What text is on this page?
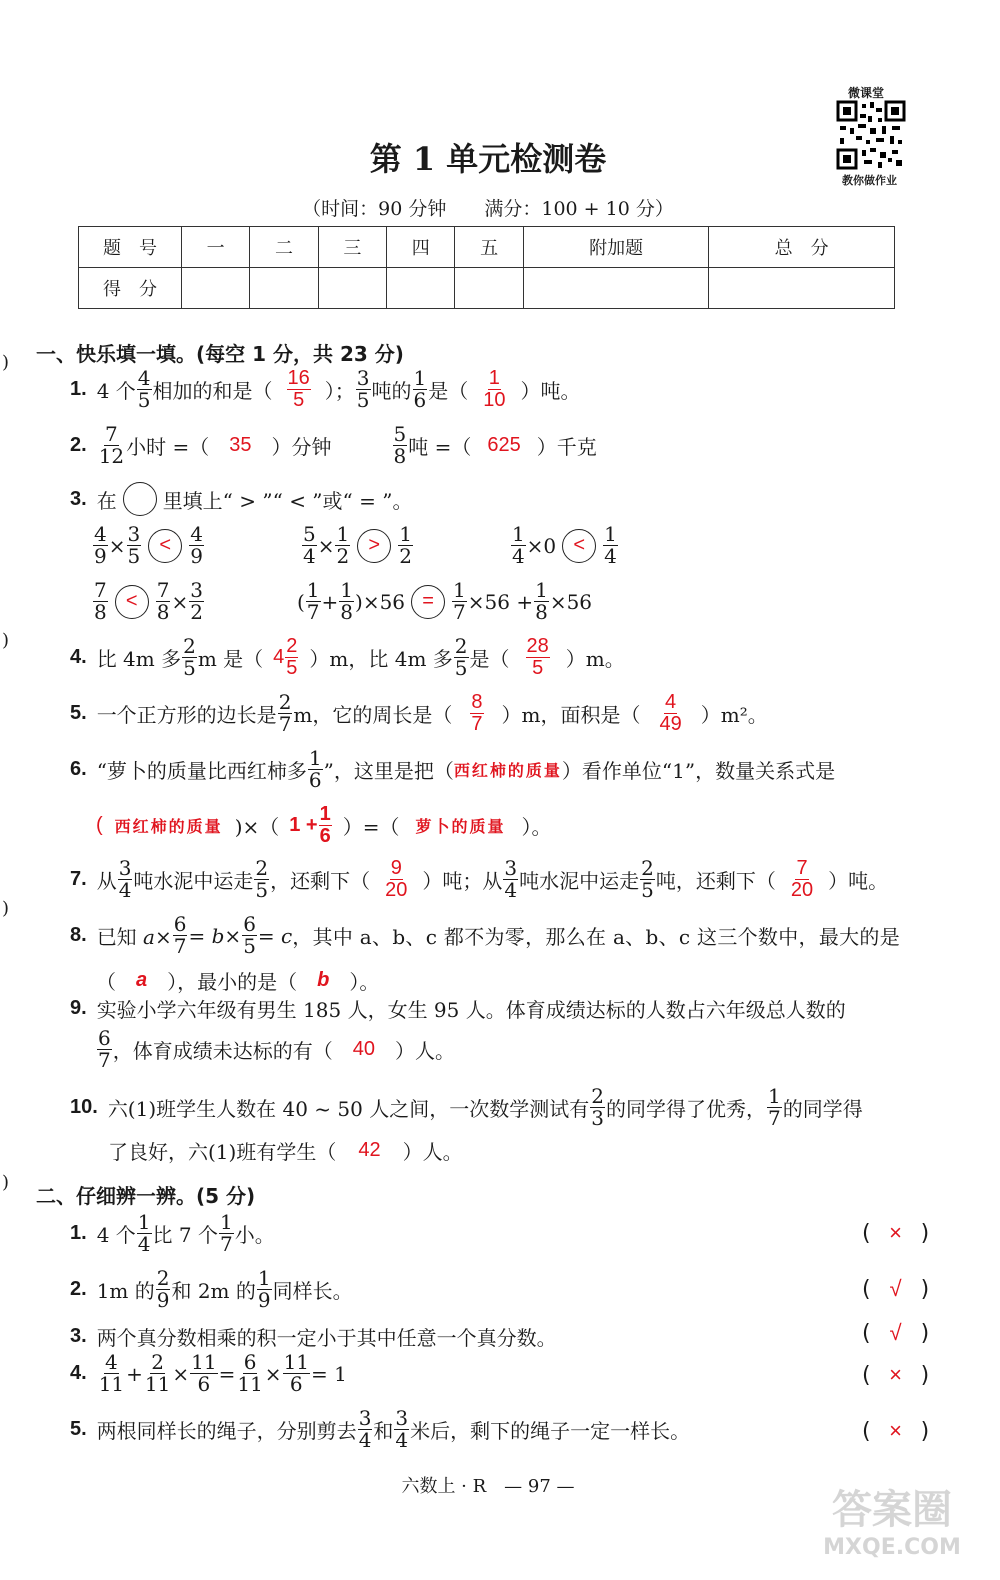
微课堂
教你做作业
第 1 单元检测卷
（时间：90 分钟　　满分：100 + 10 分）
题　号	一	二	三	四	五	附加题	总　分
得　分							
一、快乐填一填。(每空 1 分，共 23 分)
1. 4 个 $\frac{4}{5}$ 相加的和是（ $\frac{16}{5}$ ）； $\frac{3}{5}$ 吨的 $\frac{1}{6}$ 是（ $\frac{1}{10}$ ）吨。
2. $\frac{7}{12}$ 小时 =（ 35 ）分钟	$\frac{5}{8}$ 吨 =（ 625 ）千克
3. 在 里填上“ > ”“ < ”或“ = ”。
$\frac{4}{9} \times \frac{3}{5} < \frac{4}{9}$	$\frac{5}{4} \times \frac{1}{2} > \frac{1}{2}$	$\frac{1}{4} \times 0 < \frac{1}{4}$
$\frac{7}{8} < \frac{7}{8} \times \frac{3}{2}$	( $\frac{1}{7} + \frac{1}{8} )\times 56 = \frac{1}{7} \times 56 + \frac{1}{8} \times 56$
4. 比 4m 多 $\frac{2}{5}$ m 是（ $4 \frac{2}{5} )m$，比 4m 多 $\frac{2}{5}$ 是（ $\frac{28}{5} )m$。
5. 一个正方形的边长是 $\frac{2}{7}$ m，它的周长是（ $\frac{8}{7} )m$，面积是（ $\frac{4}{49} )m^2$。
6. “萝卜的质量比西红柿多 $\frac{1}{6}$ ”，这里是把（ 西红柿的质量 ）看作单位“1”，数量关系式是
( 西红柿的质量 )×（ $1 + \frac{1}{6}$ ）=（ 萝卜的质量 ）。
7. 从 $\frac{3}{4}$ 吨水泥中运走 $\frac{2}{5}$ ，还剩下（ $\frac{9}{20}$ ）吨；从 $\frac{3}{4}$ 吨水泥中运走 $\frac{2}{5}$ 吨，还剩下（ $\frac{7}{20}$ ）吨。
8. 已知 $a\times \frac{6}{7} = b\times \frac{6}{5} = c$ ，其中 a、b、c 都不为零，那么在 a、b、c 这三个数中，最大的是
（ a ），最小的是（ b ）。
9. 实验小学六年级有男生 185 人，女生 95 人。体育成绩达标的人数占六年级总人数的
$\frac{6}{7}$ ，体育成绩未达标的有（ 40 ）人。
10. 六(1)班学生人数在 40 ~ 50 人之间，一次数学测试有 $\frac{2}{3}$ 的同学得了优秀， $\frac{1}{7}$ 的同学得
了良好，六(1)班有学生（ 42 ）人。
二、仔细辨一辨。(5 分)
1. 4 个 $\frac{1}{4}$ 比 7 个 $\frac{1}{7}$ 小。	( × )
2. 1m 的 $\frac{2}{9}$ 和 2m 的 $\frac{1}{9}$ 同样长。	( √ )
3. 两个真分数相乘的积一定小于其中任意一个真分数。	( √ )
4. $\frac{4}{11} + \frac{2}{11} \times \frac{11}{6} = \frac{6}{11} \times \frac{11}{6} = 1$	( × )
5. 两根同样长的绳子，分别剪去 $\frac{3}{4}$ 和 $\frac{3}{4}$ 米后，剩下的绳子一定一样长。	( × )
六数上 · R　— 97 —
答案圈
MXQE.COM
)
)
)
)
